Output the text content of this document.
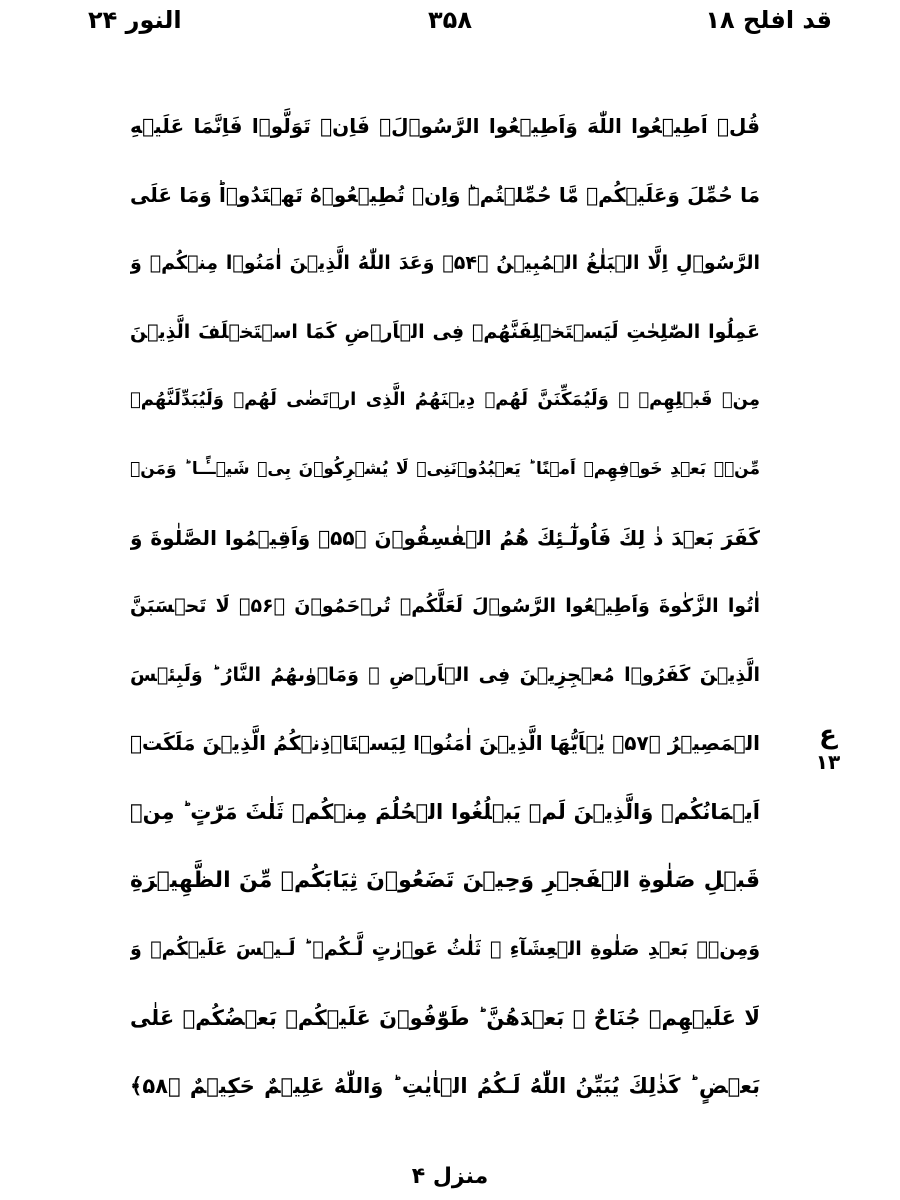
النور ۲۴	۳۵۸	قد افلح ۱۸
قُلۡ اَطِيۡعُوا اللّٰهَ وَاَطِيۡعُوا الرَّسُوۡلَ‌ۚ فَاِنۡ تَوَلَّوۡا فَاِنَّمَا عَلَيۡهِ
مَا حُمِّلَ وَعَلَيۡكُمۡ مَّا حُمِّلۡتُمۡ‌ؕ وَاِنۡ تُطِيۡعُوۡهُ تَهۡتَدُوۡا‌ؕ وَمَا عَلَى
الرَّسُوۡلِ اِلَّا الۡبَلٰغُ الۡمُبِيۡنُ ﴿۵۴﴾ وَعَدَ اللّٰهُ الَّذِيۡنَ اٰمَنُوۡا مِنۡكُمۡ وَ
عَمِلُوا الصّٰلِحٰتِ لَيَسۡتَخۡلِفَنَّهُمۡ فِى الۡاَرۡضِ كَمَا اسۡتَخۡلَفَ الَّذِيۡنَ
مِنۡ قَبۡلِهِمۡ ۖ وَلَيُمَكِّنَنَّ لَهُمۡ دِيۡنَهُمُ الَّذِى ارۡتَضٰى لَهُمۡ وَلَيُبَدِّلَنَّهُمۡ
مِّنۡۢ بَعۡدِ خَوۡفِهِمۡ اَمۡنًا‌ ؕ يَعۡبُدُوۡنَنِىۡ لَا يُشۡرِكُوۡنَ بِىۡ شَيۡــًٔـا‌ ؕ وَمَنۡ
كَفَرَ بَعۡدَ ذٰ لِكَ فَاُولٰٓـئِكَ هُمُ الۡفٰسِقُوۡنَ ﴿۵۵﴾ وَاَقِيۡمُوا الصَّلٰوةَ وَ
اٰتُوا الزَّكٰوةَ وَاَطِيۡعُوا الرَّسُوۡلَ لَعَلَّكُمۡ تُرۡحَمُوۡنَ ﴿۵۶﴾ لَا تَحۡسَبَنَّ
الَّذِيۡنَ كَفَرُوۡا مُعۡجِزِيۡنَ فِى الۡاَرۡضِ‌ ۚ وَمَاۡوٰٮهُمُ النَّارُ‌ ؕ وَلَبِئۡسَ
الۡمَصِيۡرُ ﴿۵۷﴾ يٰۤاَيُّهَا الَّذِيۡنَ اٰمَنُوۡا لِيَسۡتَاۡذِنۡكُمُ الَّذِيۡنَ مَلَكَتۡ
اَيۡمَانُكُمۡ وَالَّذِيۡنَ لَمۡ يَبۡلُغُوا الۡحُلُمَ مِنۡكُمۡ ثَلٰثَ مَرّٰتٍ‌ ؕ مِنۡ
قَبۡلِ صَلٰوةِ الۡفَجۡرِ وَحِيۡنَ تَضَعُوۡنَ ثِيَابَكُمۡ مِّنَ الظَّهِيۡرَةِ
وَمِنۡۢ بَعۡدِ صَلٰوةِ الۡعِشَآءِ ۛ ثَلٰثُ عَوۡرٰتٍ لَّـكُمۡ‌ ؕ لَـيۡسَ عَلَيۡكُمۡ وَ
لَا عَلَيۡهِمۡ جُنَاحٌ ۢ بَعۡدَهُنَّ‌ ؕ طَوّٰفُوۡنَ عَلَيۡكُمۡ بَعۡضُكُمۡ عَلٰى
بَعۡضٍ‌ ؕ كَذٰلِكَ يُبَيِّنُ اللّٰهُ لَـكُمُ الۡاٰيٰتِ‌ ؕ وَاللّٰهُ عَلِيۡمٌ حَكِيۡمٌ ﴿۵۸﴾
ع
۱۳
منزل ۴
